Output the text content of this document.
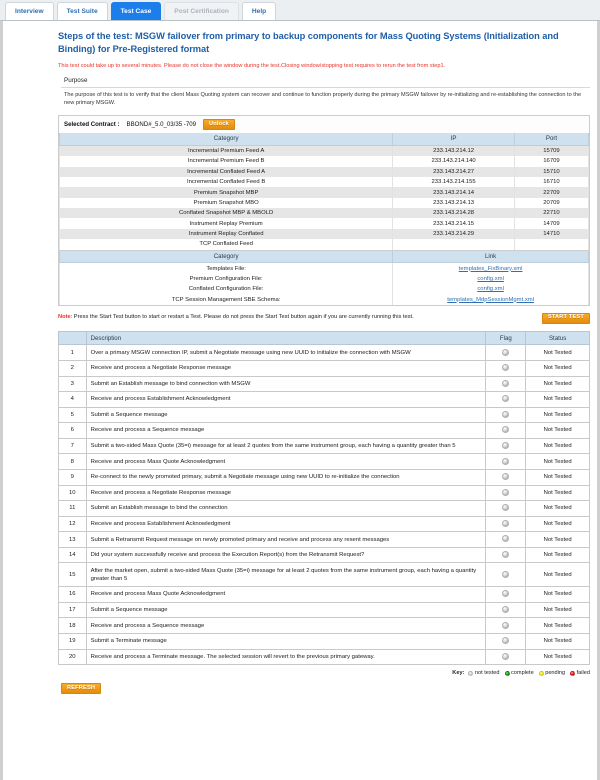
Interview	Test Suite	Test Case	Post Certification	Help
Steps of the test: MSGW failover from primary to backup components for Mass Quoting Systems (Initialization and Binding) for Pre-Registered format
This test could take up to several minutes. Please do not close the window during the test.Closing window/stopping test requires to rerun the test from step1.
Purpose
The purpose of this test is to verify that the client Mass Quoting system can recover and continue to function properly during the primary MSGW failover by re-initializing and re-establishing the connection to the new primary MSGW.
Selected Contract : BBOND#_5.0_03/35 -709	Unlock
Category	IP	Port
Incremental Premium Feed A	233.143.214.12	15709
Incremental Premium Feed B	233.143.214.140	16709
Incremental Conflated Feed A	233.143.214.27	15710
Incremental Conflated Feed B	233.143.214.155	16710
Premium Snapshot MBP	233.143.214.14	22709
Premium Snapshot MBO	233.143.214.13	20709
Conflated Snapshot MBP & MBOLD	233.143.214.28	22710
Instrument Replay Premium	233.143.214.15	14709
Instrument Replay Conflated	233.143.214.29	14710
TCP Conflated Feed		
Category	Link
Templates File:	templates_FixBinary.xml
Premium Configuration File:	config.xml
Conflated Configuration File:	config.xml
TCP Session Management SBE Schema:	templates_MdpSessionMgmt.xml
Note: Press the Start Test button to start or restart a Test. Please do not press the Start Test button again if you are currently running this test.	START TEST
	Description	Flag	Status
1	Over a primary MSGW connection IP, submit a Negotiate message using new UUID to initialize the connection with MSGW		Not Tested
2	Receive and process a Negotiate Response message		Not Tested
3	Submit an Establish message to bind connection with MSGW		Not Tested
4	Receive and process Establishment Acknowledgment		Not Tested
5	Submit a Sequence message		Not Tested
6	Receive and process a Sequence message		Not Tested
7	Submit a two-sided Mass Quote (35=i) message for at least 2 quotes from the same instrument group, each having a quantity greater than 5		Not Tested
8	Receive and process Mass Quote Acknowledgment		Not Tested
9	Re-connect to the newly promoted primary, submit a Negotiate message using new UUID to re-initialize the connection		Not Tested
10	Receive and process a Negotiate Response message		Not Tested
11	Submit an Establish message to bind the connection		Not Tested
12	Receive and process Establishment Acknowledgment		Not Tested
13	Submit a Retransmit Request message on newly promoted primary and receive and process any resent messages		Not Tested
14	Did your system successfully receive and process the Execution Report(s) from the Retransmit Request?		Not Tested
15	After the market open, submit a two-sided Mass Quote (35=i) message for at least 2 quotes from the same instrument group, each having a quantity greater than 5		Not Tested
16	Receive and process Mass Quote Acknowledgment		Not Tested
17	Submit a Sequence message		Not Tested
18	Receive and process a Sequence message		Not Tested
19	Submit a Terminate message		Not Tested
20	Receive and process a Terminate message. The selected session will revert to the previous primary gateway.		Not Tested
Key: not tested complete pending failed
REFRESH
